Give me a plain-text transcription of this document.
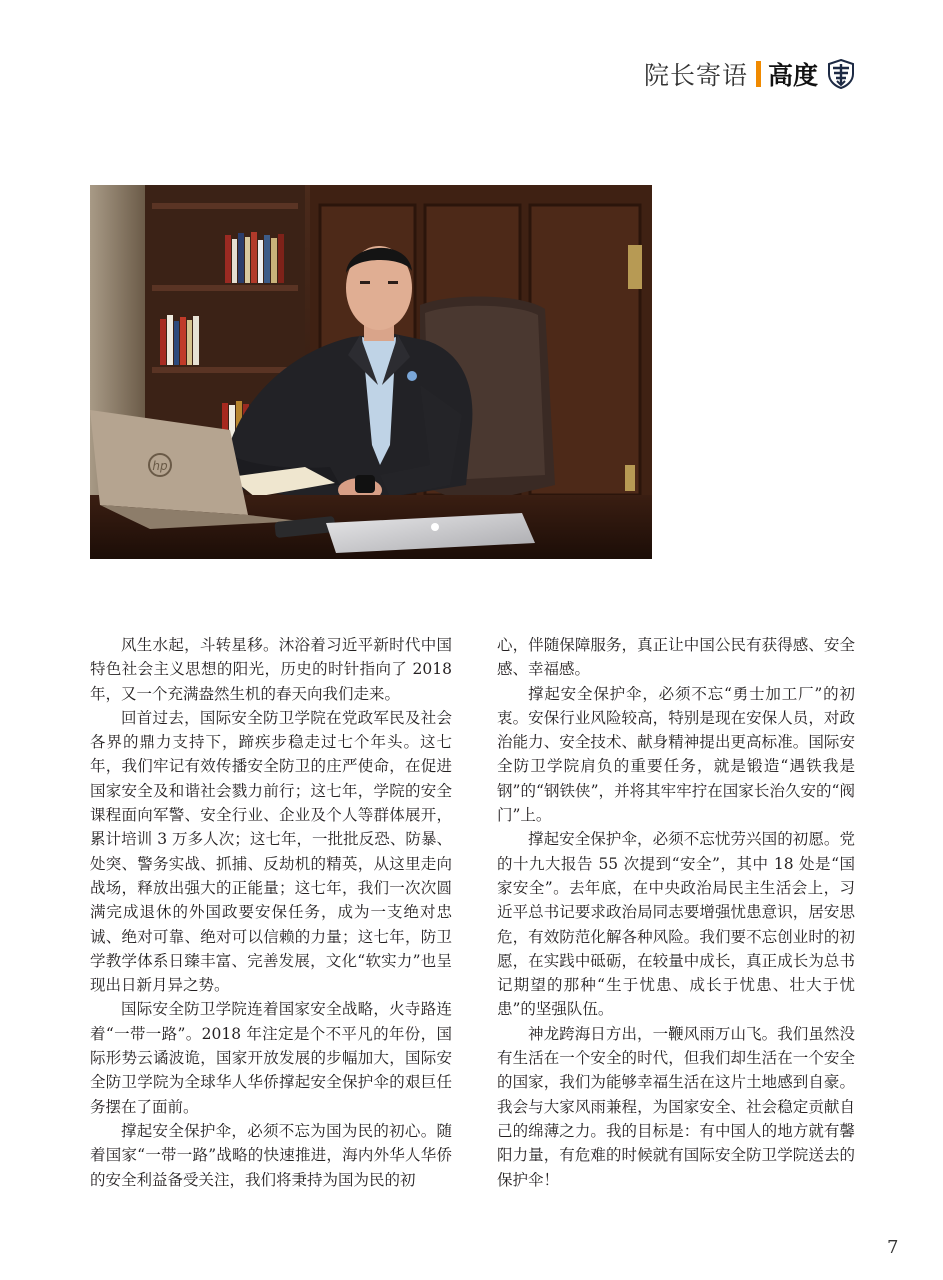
院长寄语 高度
hp

风生水起，斗转星移。沐浴着习近平新时代中国特色社会主义思想的阳光，历史的时针指向了 2018 年，又一个充满盎然生机的春天向我们走来。

回首过去，国际安全防卫学院在党政军民及社会各界的鼎力支持下，蹄疾步稳走过七个年头。这七年，我们牢记有效传播安全防卫的庄严使命，在促进国家安全及和谐社会戮力前行；这七年，学院的安全课程面向军警、安全行业、企业及个人等群体展开，累计培训 3 万多人次；这七年，一批批反恐、防暴、处突、警务实战、抓捕、反劫机的精英，从这里走向战场，释放出强大的正能量；这七年，我们一次次圆满完成退休的外国政要安保任务，成为一支绝对忠诚、绝对可靠、绝对可以信赖的力量；这七年，防卫学教学体系日臻丰富、完善发展，文化“软实力”也呈现出日新月异之势。

国际安全防卫学院连着国家安全战略，火寺路连着“一带一路”。2018 年注定是个不平凡的年份，国际形势云谲波诡，国家开放发展的步幅加大，国际安全防卫学院为全球华人华侨撑起安全保护伞的艰巨任务摆在了面前。

撑起安全保护伞，必须不忘为国为民的初心。随着国家“一带一路”战略的快速推进，海内外华人华侨的安全利益备受关注，我们将秉持为国为民的初

心，伴随保障服务，真正让中国公民有获得感、安全感、幸福感。

撑起安全保护伞，必须不忘“勇士加工厂”的初衷。安保行业风险较高，特别是现在安保人员，对政治能力、安全技术、献身精神提出更高标准。国际安全防卫学院肩负的重要任务，就是锻造“遇铁我是钢”的“钢铁侠”，并将其牢牢拧在国家长治久安的“阀门”上。

撑起安全保护伞，必须不忘忧劳兴国的初愿。党的十九大报告 55 次提到“安全”，其中 18 处是“国家安全”。去年底，在中央政治局民主生活会上，习近平总书记要求政治局同志要增强忧患意识，居安思危，有效防范化解各种风险。我们要不忘创业时的初愿，在实践中砥砺，在较量中成长，真正成长为总书记期望的那种“生于忧患、成长于忧患、壮大于忧患”的坚强队伍。

神龙跨海日方出，一鞭风雨万山飞。我们虽然没有生活在一个安全的时代，但我们却生活在一个安全的国家，我们为能够幸福生活在这片土地感到自豪。我会与大家风雨兼程，为国家安全、社会稳定贡献自己的绵薄之力。我的目标是：有中国人的地方就有馨阳力量，有危难的时候就有国际安全防卫学院送去的保护伞！

7
